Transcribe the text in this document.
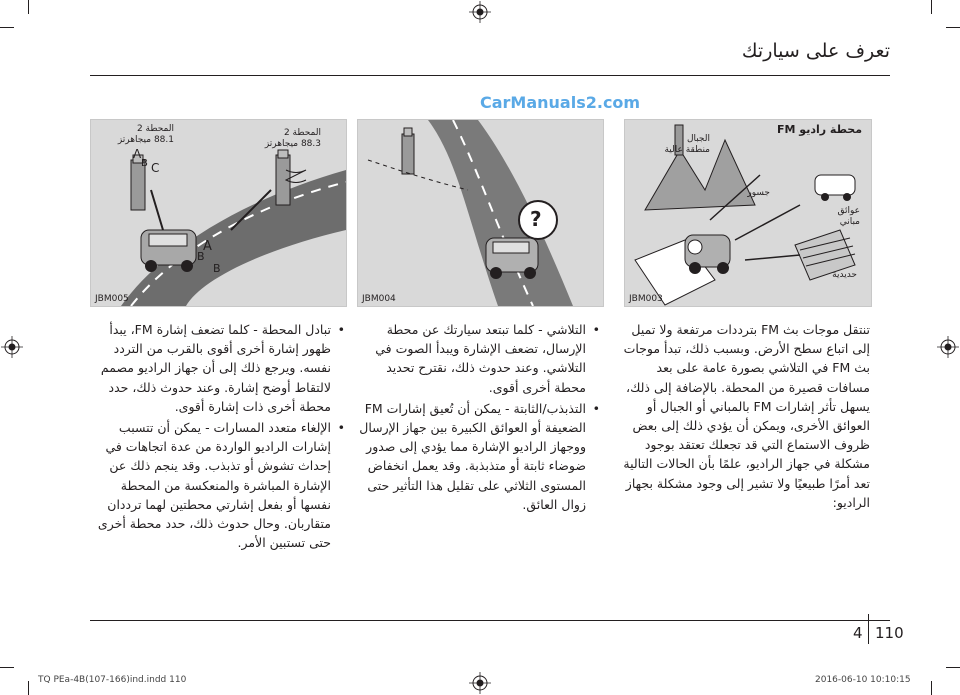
تعرف على سيارتك
CarManuals2.com
A
B
B
A
B C
المحطة 2
88.1 ميجاهرتز
المحطة 2
88.3 ميجاهرتز
JBM005
?
JBM004
محطة راديو FM
الجبال
منطقة عالية
جسور
عوائق
مباني
حديدية
JBM003

تنتقل موجات بث FM بترددات مرتفعة ولا تميل إلى اتباع سطح الأرض. وبسبب ذلك، تبدأ موجات بث FM في التلاشي بصورة عامة على بعد مسافات قصيرة من المحطة. بالإضافة إلى ذلك، يسهل تأثر إشارات FM بالمباني أو الجبال أو العوائق الأخرى، ويمكن أن يؤدي ذلك إلى بعض ظروف الاستماع التي قد تجعلك تعتقد بوجود مشكلة في جهاز الراديو، علمًا بأن الحالات التالية تعد أمرًا طبيعيًا ولا تشير إلى وجود مشكلة بجهاز الراديو:

• التلاشي - كلما تبتعد سيارتك عن محطة الإرسال، تضعف الإشارة ويبدأ الصوت في التلاشي. وعند حدوث ذلك، نقترح تحديد محطة أخرى أقوى.

• التذبذب/الثابتة - يمكن أن تُعيق إشارات FM الضعيفة أو العوائق الكبيرة بين جهاز الإرسال ووجهاز الراديو الإشارة مما يؤدي إلى صدور ضوضاء ثابتة أو متذبذبة. وقد يعمل انخفاض المستوى الثلاثي على تقليل هذا التأثير حتى زوال العائق.

• تبادل المحطة - كلما تضعف إشارة FM، يبدأ ظهور إشارة أخرى أقوى بالقرب من التردد نفسه. ويرجع ذلك إلى أن جهاز الراديو مصمم لالتقاط أوضح إشارة. وعند حدوث ذلك، حدد محطة أخرى ذات إشارة أقوى.

• الإلغاء متعدد المسارات - يمكن أن تتسبب إشارات الراديو الواردة من عدة اتجاهات في إحداث تشوش أو تذبذب. وقد ينجم ذلك عن الإشارة المباشرة والمنعكسة من المحطة نفسها أو بفعل إشارتي محطتين لهما ترددان متقاربان. وحال حدوث ذلك، حدد محطة أخرى حتى تستبين الأمر.

4 110
TQ PEa-4B(107-166)ind.indd 110	2016-06-10 10:10:15
